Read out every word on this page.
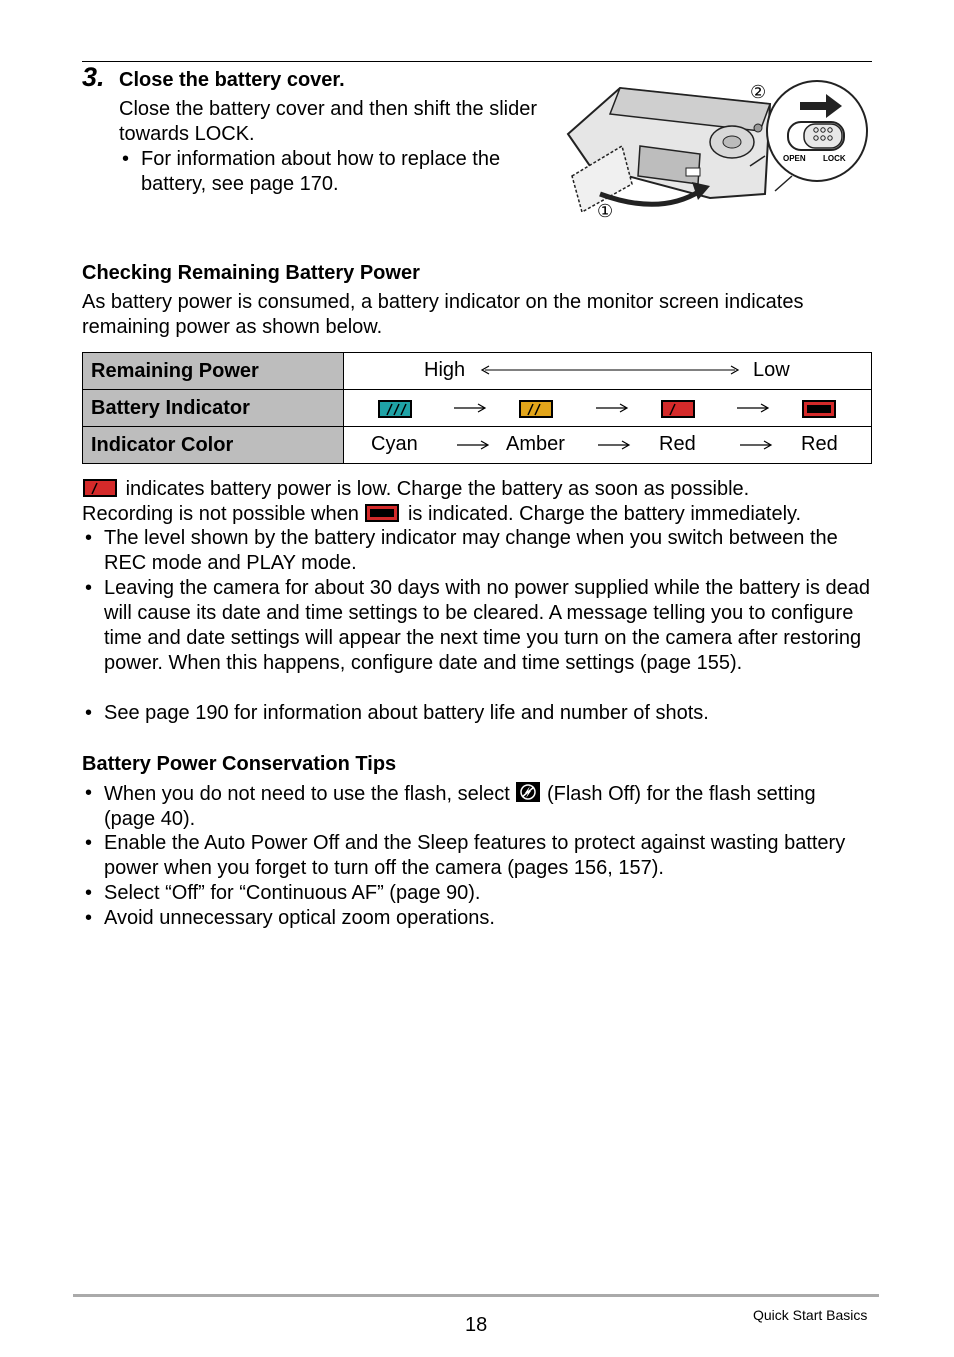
3. Close the battery cover.
Close the battery cover and then shift the slider towards LOCK.
• For information about how to replace the battery, see page 170.
OPEN LOCK
②
①
Checking Remaining Battery Power
As battery power is consumed, a battery indicator on the monitor screen indicates remaining power as shown below.
Remaining Power	High Low

Battery Indicator	

Indicator Color	Cyan Amber Red Red
indicates battery power is low. Charge the battery as soon as possible.
Recording is not possible when is indicated. Charge the battery immediately.
• The level shown by the battery indicator may change when you switch between the REC mode and PLAY mode.
• Leaving the camera for about 30 days with no power supplied while the battery is dead will cause its date and time settings to be cleared. A message telling you to configure time and date settings will appear the next time you turn on the camera after restoring power. When this happens, configure date and time settings (page 155).
• See page 190 for information about battery life and number of shots.
Battery Power Conservation Tips
• When you do not need to use the flash, select (Flash Off) for the flash setting (page 40).
• Enable the Auto Power Off and the Sleep features to protect against wasting battery power when you forget to turn off the camera (pages 156, 157).
• Select “Off” for “Continuous AF” (page 90).
• Avoid unnecessary optical zoom operations.
18	Quick Start Basics
